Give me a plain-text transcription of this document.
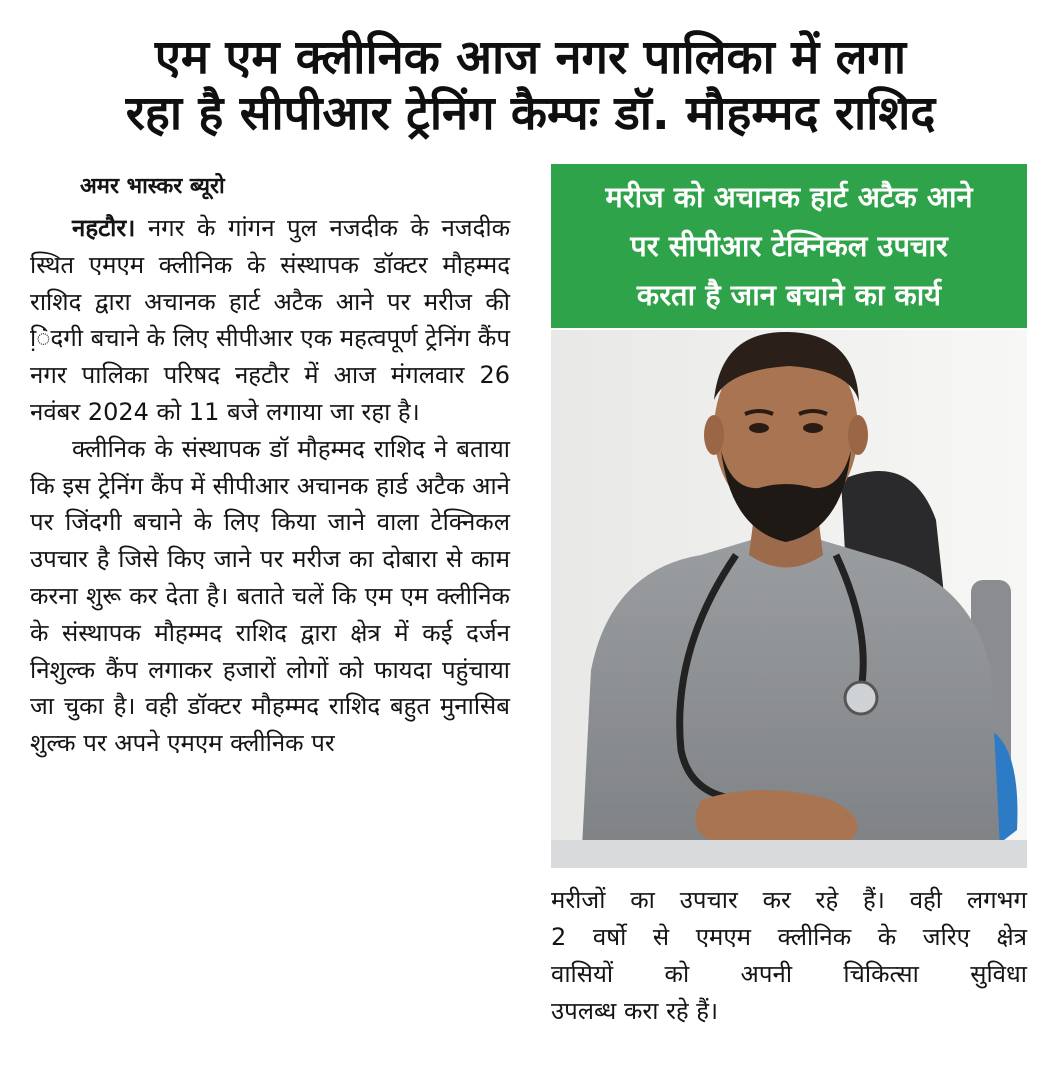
एम एम क्लीनिक आज नगर पालिका में लगा
रहा है सीपीआर ट्रेनिंग कैम्पः डॉ. मौहम्मद राशिद
अमर भास्कर ब्यूरो

नहटौर। नगर के गांगन पुल नजदीक के नजदीक स्थित एमएम क्लीनिक के संस्थापक डॉक्टर मौहम्मद राशिद द्वारा अचानक हार्ट अटैक आने पर मरीज की ि़ंदगी बचाने के लिए सीपीआर एक महत्वपूर्ण ट्रेनिंग कैंप नगर पालिका परिषद नहटौर में आज मंगलवार 26 नवंबर 2024 को 11 बजे लगाया जा रहा है।

क्लीनिक के संस्थापक डॉ मौहम्मद राशिद ने बताया कि इस ट्रेनिंग कैंप में सीपीआर अचानक हार्ड अटैक आने पर जिंदगी बचाने के लिए किया जाने वाला टेक्निकल उपचार है जिसे किए जाने पर मरीज का दोबारा से काम करना शुरू कर देता है। बताते चलें कि एम एम क्लीनिक के संस्थापक मौहम्मद राशिद द्वारा क्षेत्र में कई दर्जन निशुल्क कैंप लगाकर हजारों लोगों को फायदा पहुंचाया जा चुका है। वही डॉक्टर मौहम्मद राशिद बहुत मुनासिब शुल्क पर अपने एमएम क्लीनिक पर

मरीज को अचानक हार्ट अटैक आने
पर सीपीआर टेक्निकल उपचार
करता है जान बचाने का कार्य
मरीजों का उपचार कर रहे हैं। वही लगभग
2 वर्षो से एमएम क्लीनिक के जरिए क्षेत्र
वासियों को अपनी चिकित्सा सुविधा
उपलब्ध करा रहे हैं।
